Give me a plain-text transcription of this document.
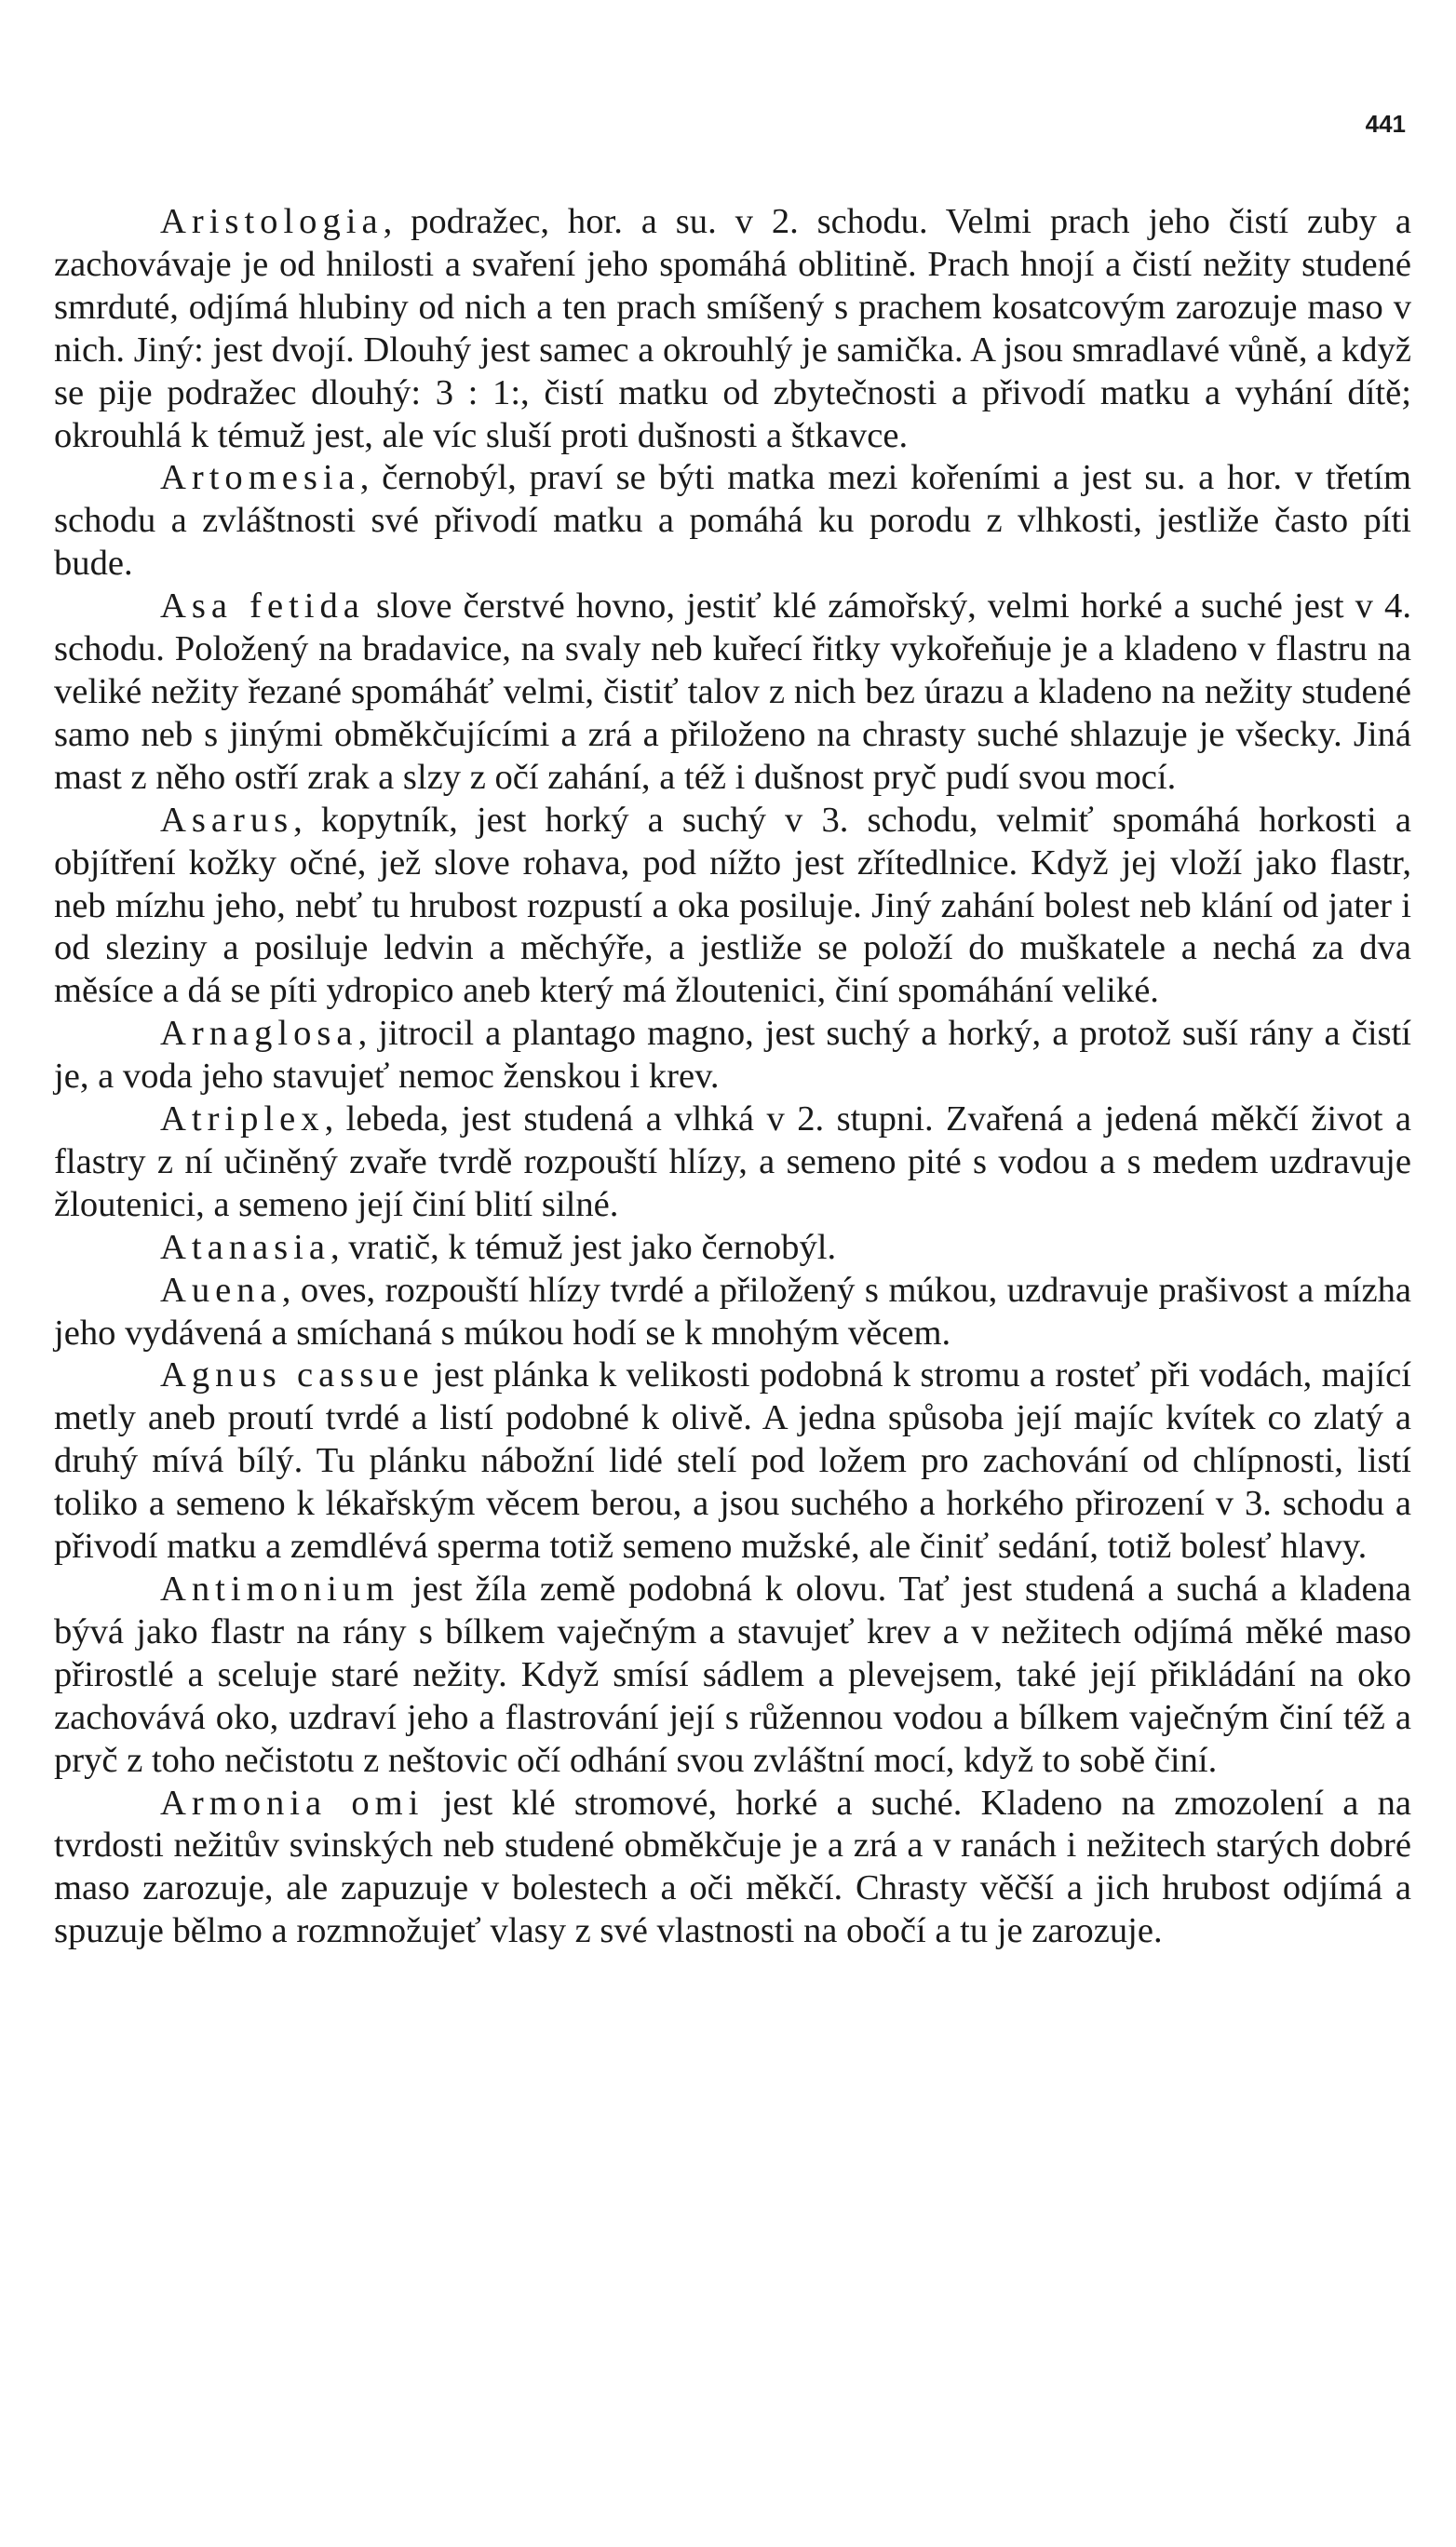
441

Aristologia, podražec, hor. a su. v 2. schodu. Velmi prach jeho čistí zuby a zachovávaje je od hnilosti a svaření jeho spomáhá oblitině. Prach hnojí a čistí nežity studené smrduté, odjímá hlubiny od nich a ten prach smíšený s prachem kosatcovým zarozuje maso v nich. Jiný: jest dvojí. Dlouhý jest samec a okrouhlý je samička. A jsou smradlavé vůně, a když se pije podražec dlouhý: 3 : 1:, čistí matku od zbytečnosti a přivodí matku a vyhání dítě; okrouhlá k témuž jest, ale víc sluší proti dušnosti a štkavce.

Artomesia, černobýl, praví se býti matka mezi kořeními a jest su. a hor. v třetím schodu a zvláštnosti své přivodí matku a pomáhá ku porodu z vlhkosti, jestliže často píti bude.

Asa fetida slove čerstvé hovno, jestiť klé zámořský, velmi horké a suché jest v 4. schodu. Položený na bradavice, na svaly neb kuřecí řitky vykořeňuje je a kladeno v flastru na veliké nežity řezané spomáháť velmi, čistiť talov z nich bez úrazu a kladeno na nežity studené samo neb s jinými obměkčujícími a zrá a přiloženo na chrasty suché shlazuje je všecky. Jiná mast z něho ostří zrak a slzy z očí zahání, a též i dušnost pryč pudí svou mocí.

Asarus, kopytník, jest horký a suchý v 3. schodu, velmiť spomáhá horkosti a objítření kožky očné, jež slove rohava, pod nížto jest zřítedlnice. Když jej vloží jako flastr, neb mízhu jeho, nebť tu hrubost rozpustí a oka posiluje. Jiný zahání bolest neb klání od jater i od sleziny a posiluje ledvin a měchýře, a jestliže se položí do muškatele a nechá za dva měsíce a dá se píti ydropico aneb který má žloutenici, činí spomáhání veliké.

Arnaglosa, jitrocil a plantago magno, jest suchý a horký, a protož suší rány a čistí je, a voda jeho stavujeť nemoc ženskou i krev.

Atriplex, lebeda, jest studená a vlhká v 2. stupni. Zvařená a jedená měkčí život a flastry z ní učiněný zvaře tvrdě rozpouští hlízy, a semeno pité s vodou a s medem uzdravuje žloutenici, a semeno její činí blití silné.

Atanasia, vratič, k témuž jest jako černobýl.

Auena, oves, rozpouští hlízy tvrdé a přiložený s múkou, uzdravuje prašivost a mízha jeho vydávená a smíchaná s múkou hodí se k mnohým věcem.

Agnus cassue jest plánka k velikosti podobná k stromu a rosteť při vodách, mající metly aneb proutí tvrdé a listí podobné k olivě. A jedna spůsoba její majíc kvítek co zlatý a druhý mívá bílý. Tu plánku nábožní lidé stelí pod ložem pro zachování od chlípnosti, listí toliko a semeno k lékařským věcem berou, a jsou suchého a horkého přirození v 3. schodu a přivodí matku a zemdlévá sperma totiž semeno mužské, ale činiť sedání, totiž bolesť hlavy.

Antimonium jest žíla země podobná k olovu. Tať jest studená a suchá a kladena bývá jako flastr na rány s bílkem vaječným a stavujeť krev a v nežitech odjímá měké maso přirostlé a sceluje staré nežity. Když smísí sádlem a plevejsem, také její přikládání na oko zachovává oko, uzdraví jeho a flastrování její s růžennou vodou a bílkem vaječným činí též a pryč z toho nečistotu z neštovic očí odhání svou zvláštní mocí, když to sobě činí.

Armonia omi jest klé stromové, horké a suché. Kladeno na zmozolení a na tvrdosti nežitův svinských neb studené obměkčuje je a zrá a v ranách i nežitech starých dobré maso zarozuje, ale zapuzuje v bolestech a oči měkčí. Chrasty věčší a jich hrubost odjímá a spuzuje bělmo a rozmnožujeť vlasy z své vlastnosti na obočí a tu je zarozuje.
